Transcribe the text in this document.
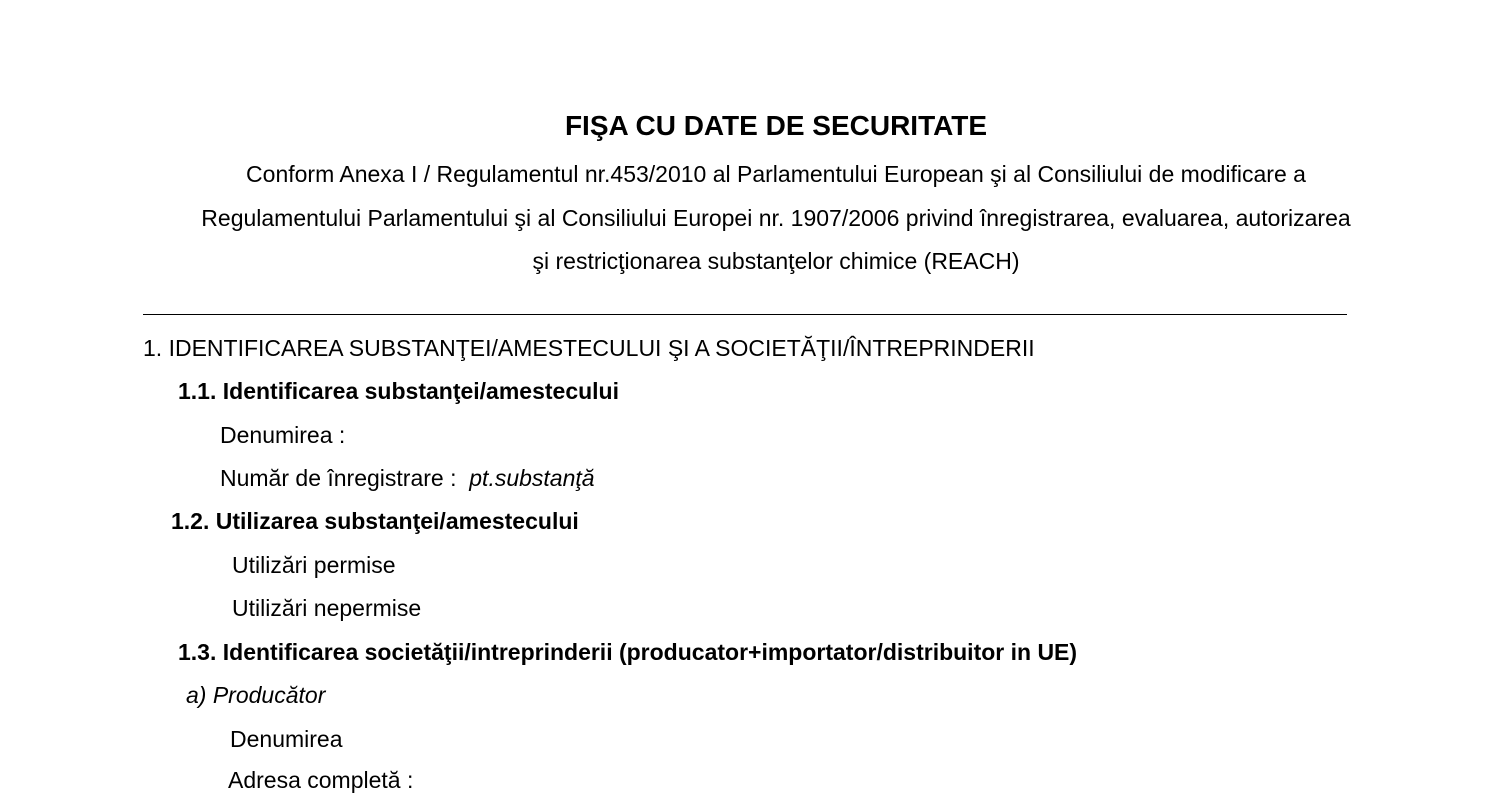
FIŞA CU DATE DE SECURITATE
Conform Anexa I / Regulamentul nr.453/2010 al Parlamentului European şi al Consiliului de modificare a
Regulamentului Parlamentului şi al Consiliului Europei nr. 1907/2006 privind înregistrarea, evaluarea, autorizarea
şi restricţionarea substanţelor chimice (REACH)
1. IDENTIFICAREA SUBSTANŢEI/AMESTECULUI ŞI A SOCIETĂŢII/ÎNTREPRINDERII
1.1. Identificarea substanţei/amestecului
Denumirea :
Număr de înregistrare : pt.substanţă
1.2. Utilizarea substanţei/amestecului
Utilizări permise
Utilizări nepermise
1.3. Identificarea societăţii/intreprinderii (producator+importator/distribuitor in UE)
a) Producător
Denumirea
Adresa completă :
